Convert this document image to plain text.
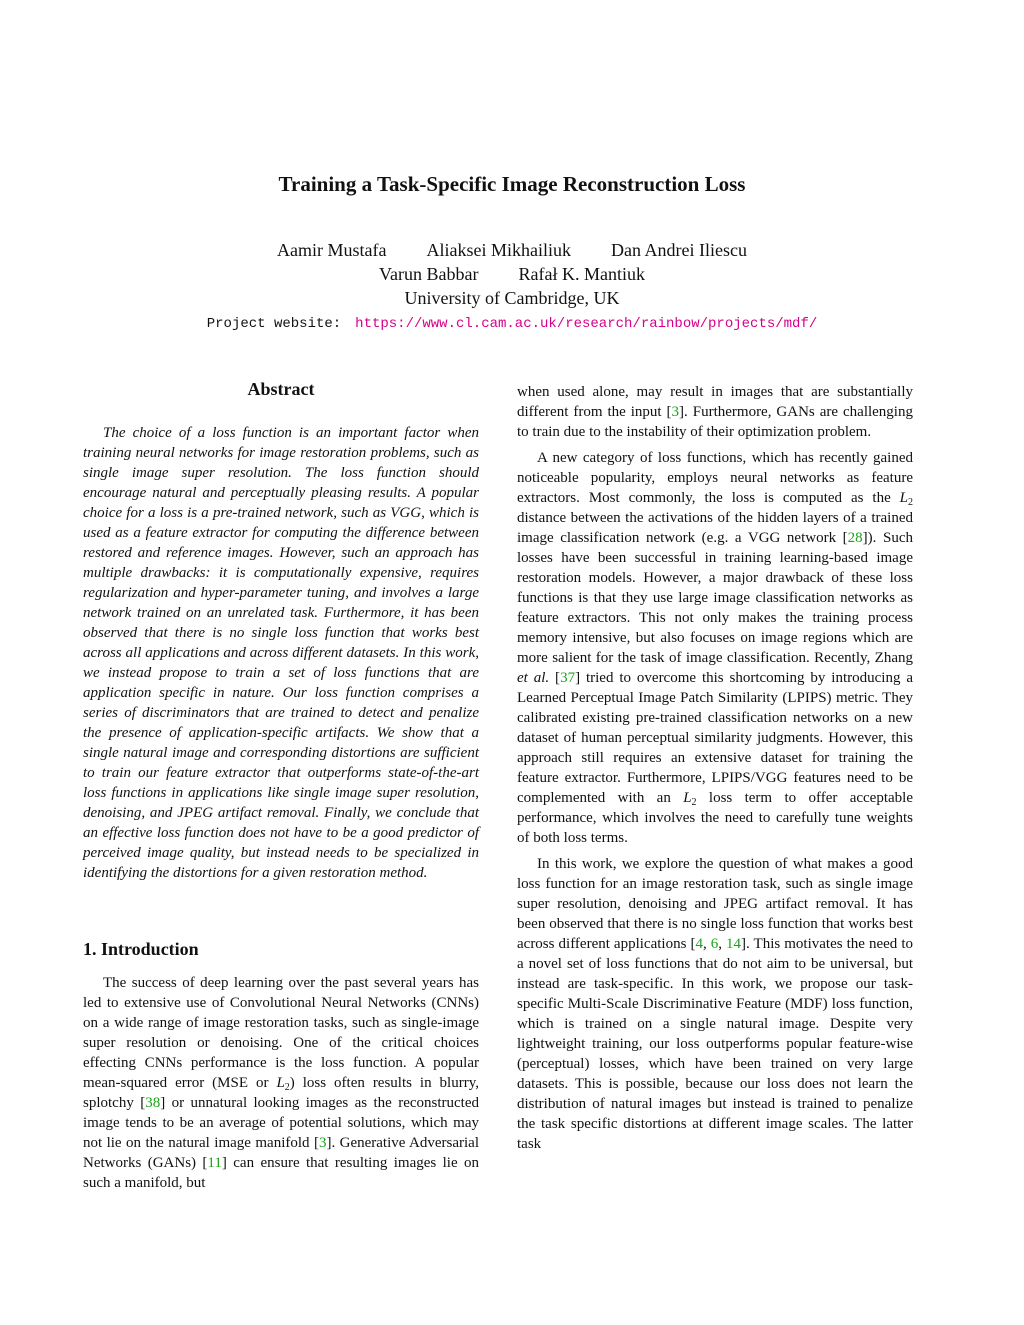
Training a Task-Specific Image Reconstruction Loss
Aamir Mustafa Aliaksei Mikhailiuk Dan Andrei Iliescu
Varun Babbar Rafał K. Mantiuk
University of Cambridge, UK
Project website: https://www.cl.cam.ac.uk/research/rainbow/projects/mdf/
Abstract

The choice of a loss function is an important factor when training neural networks for image restoration problems, such as single image super resolution. The loss function should encourage natural and perceptually pleasing results. A popular choice for a loss is a pre-trained network, such as VGG, which is used as a feature extractor for computing the difference between restored and reference images. However, such an approach has multiple drawbacks: it is computationally expensive, requires regularization and hyper-parameter tuning, and involves a large network trained on an unrelated task. Furthermore, it has been observed that there is no single loss function that works best across all applications and across different datasets. In this work, we instead propose to train a set of loss functions that are application specific in nature. Our loss function comprises a series of discriminators that are trained to detect and penalize the presence of application-specific artifacts. We show that a single natural image and corresponding distortions are sufficient to train our feature extractor that outperforms state-of-the-art loss functions in applications like single image super resolution, denoising, and JPEG artifact removal. Finally, we conclude that an effective loss function does not have to be a good predictor of perceived image quality, but instead needs to be specialized in identifying the distortions for a given restoration method.

1. Introduction

The success of deep learning over the past several years has led to extensive use of Convolutional Neural Networks (CNNs) on a wide range of image restoration tasks, such as single-image super resolution or denoising. One of the critical choices effecting CNNs performance is the loss function. A popular mean-squared error (MSE or $L_2$) loss often results in blurry, splotchy [38] or unnatural looking images as the reconstructed image tends to be an average of potential solutions, which may not lie on the natural image manifold [3]. Generative Adversarial Networks (GANs) [11] can ensure that resulting images lie on such a manifold, but

when used alone, may result in images that are substantially different from the input [3]. Furthermore, GANs are challenging to train due to the instability of their optimization problem.

A new category of loss functions, which has recently gained noticeable popularity, employs neural networks as feature extractors. Most commonly, the loss is computed as the $L_2$ distance between the activations of the hidden layers of a trained image classification network (e.g. a VGG network [28]). Such losses have been successful in training learning-based image restoration models. However, a major drawback of these loss functions is that they use large image classification networks as feature extractors. This not only makes the training process memory intensive, but also focuses on image regions which are more salient for the task of image classification. Recently, Zhang et al. [37] tried to overcome this shortcoming by introducing a Learned Perceptual Image Patch Similarity (LPIPS) metric. They calibrated existing pre-trained classification networks on a new dataset of human perceptual similarity judgments. However, this approach still requires an extensive dataset for training the feature extractor. Furthermore, LPIPS/VGG features need to be complemented with an $L_2$ loss term to offer acceptable performance, which involves the need to carefully tune weights of both loss terms.

In this work, we explore the question of what makes a good loss function for an image restoration task, such as single image super resolution, denoising and JPEG artifact removal. It has been observed that there is no single loss function that works best across different applications [4, 6, 14]. This motivates the need to a novel set of loss functions that do not aim to be universal, but instead are task-specific. In this work, we propose our task-specific Multi-Scale Discriminative Feature (MDF) loss function, which is trained on a single natural image. Despite very lightweight training, our loss outperforms popular feature-wise (perceptual) losses, which have been trained on very large datasets. This is possible, because our loss does not learn the distribution of natural images but instead is trained to penalize the task specific distortions at different image scales. The latter task
